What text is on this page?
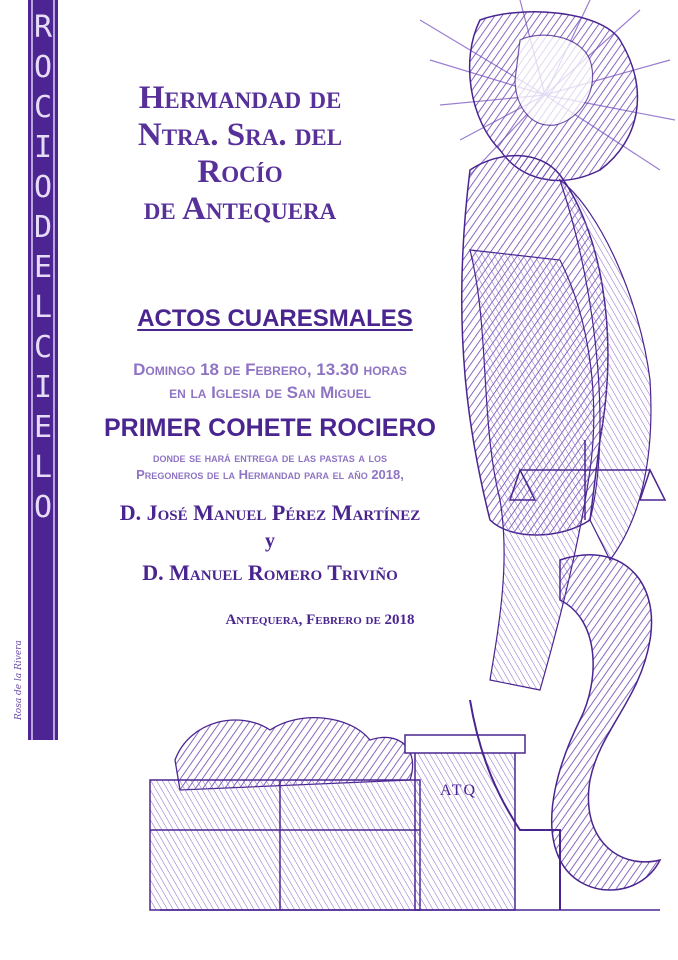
ROCIO DEL CIELO
Rosa de la Rivera
ATQ
Hermandad de
Ntra. Sra. del
Rocío
de Antequera
ACTOS CUARESMALES
Domingo 18 de Febrero, 13.30 horas
en la Iglesia de San Miguel
PRIMER COHETE ROCIERO
donde se hará entrega de las pastas a los
Pregoneros de la Hermandad para el año 2018,
D. José Manuel Pérez Martínez
y
D. Manuel Romero Triviño
Antequera, Febrero de 2018
